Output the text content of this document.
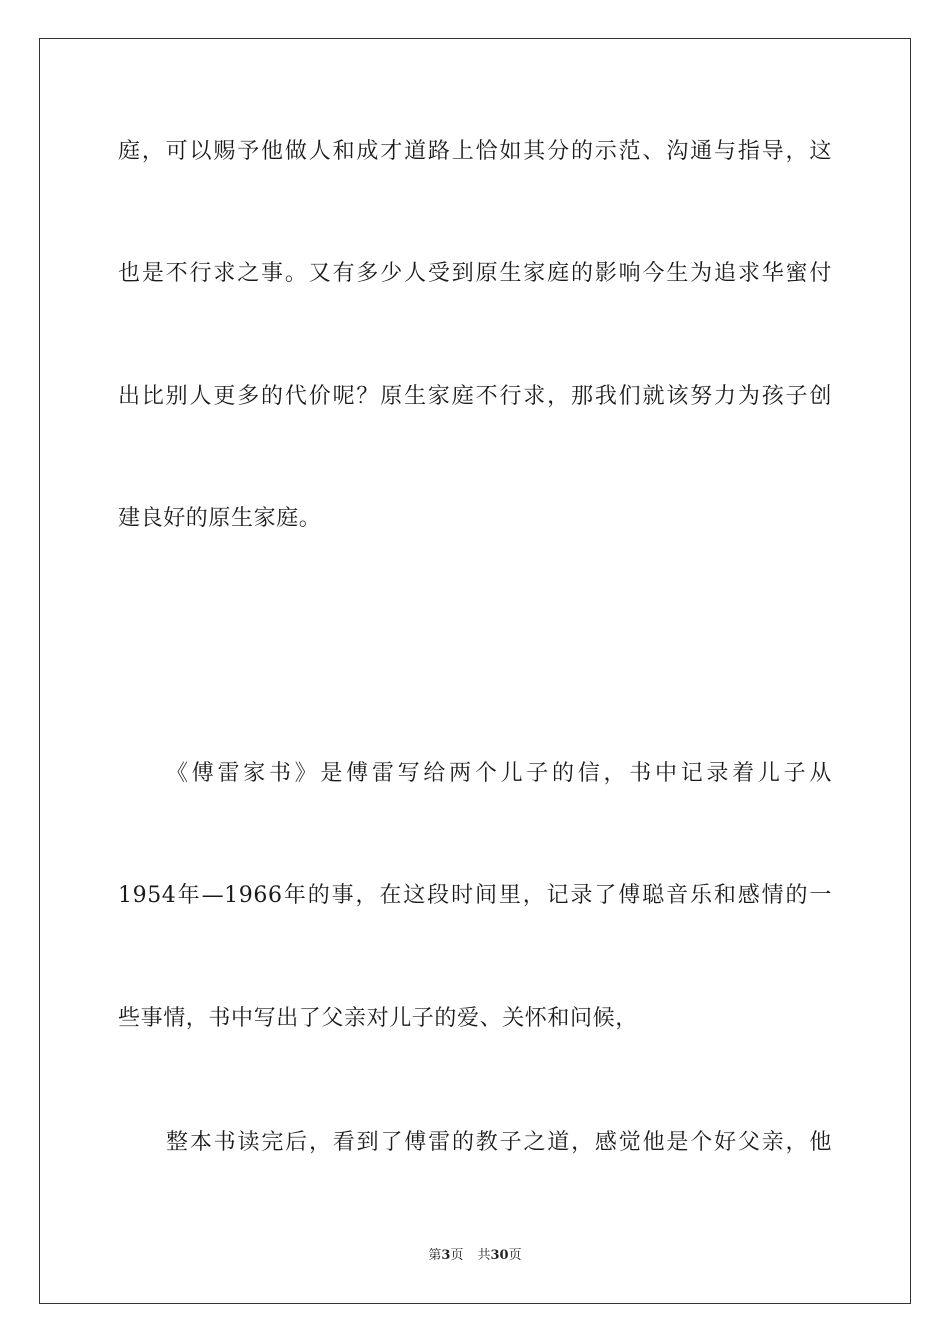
庭，可以赐予他做人和成才道路上恰如其分的示范、沟通与指导，这
也是不行求之事。又有多少人受到原生家庭的影响今生为追求华蜜付
出比别人更多的代价呢？原生家庭不行求，那我们就该努力为孩子创
建良好的原生家庭。
《傅雷家书》是傅雷写给两个儿子的信，书中记录着儿子从
1954年—1966年的事，在这段时间里，记录了傅聪音乐和感情的一
些事情，书中写出了父亲对儿子的爱、关怀和问候，
整本书读完后，看到了傅雷的教子之道，感觉他是个好父亲，他
第3页 共30页
